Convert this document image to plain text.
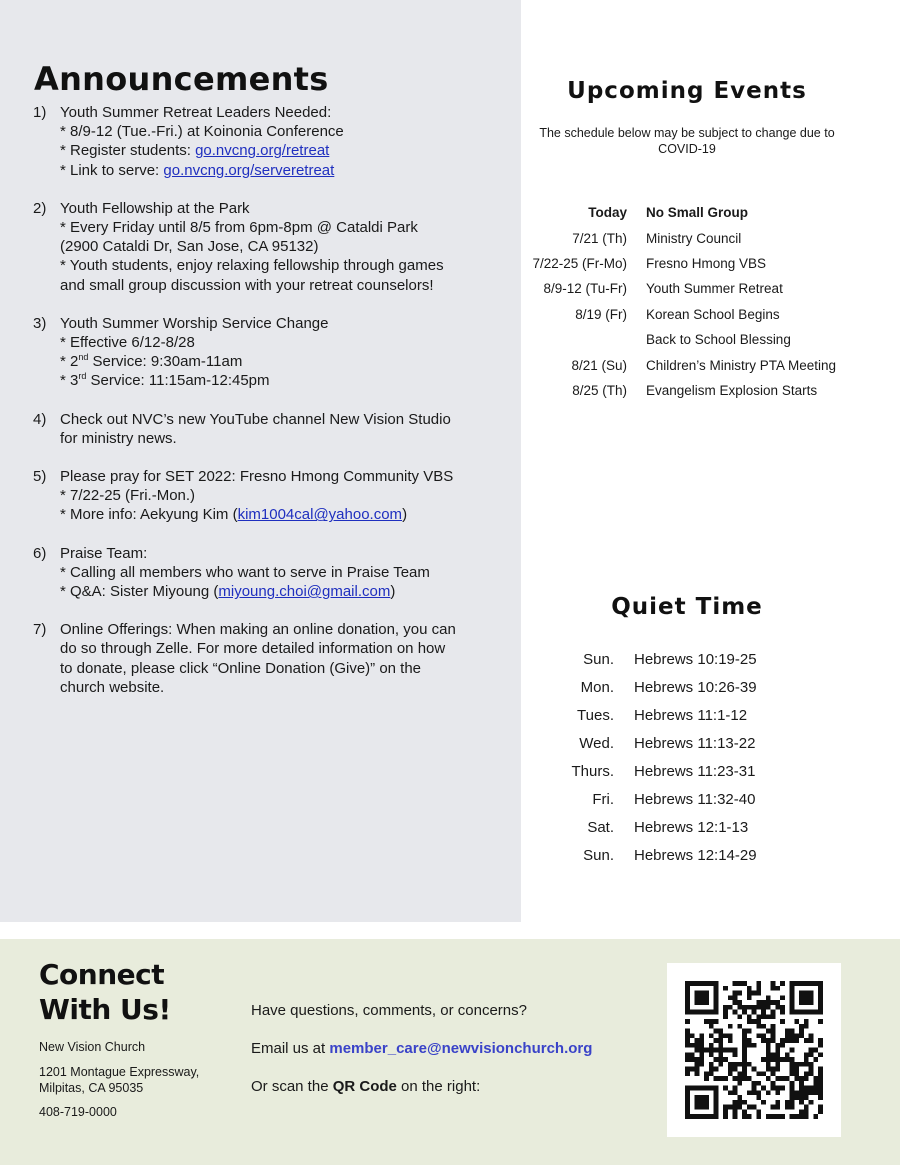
Announcements
1) Youth Summer Retreat Leaders Needed:
* 8/9-12 (Tue.-Fri.) at Koinonia Conference
* Register students: go.nvcng.org/retreat
* Link to serve: go.nvcng.org/serveretreat
2) Youth Fellowship at the Park
* Every Friday until 8/5 from 6pm-8pm @ Cataldi Park
(2900 Cataldi Dr, San Jose, CA 95132)
* Youth students, enjoy relaxing fellowship through games
and small group discussion with your retreat counselors!
3) Youth Summer Worship Service Change
* Effective 6/12-8/28
* 2nd Service: 9:30am-11am
* 3rd Service: 11:15am-12:45pm
4) Check out NVC’s new YouTube channel New Vision Studio
for ministry news.
5) Please pray for SET 2022: Fresno Hmong Community VBS
* 7/22-25 (Fri.-Mon.)
* More info: Aekyung Kim (kim1004cal@yahoo.com)
6) Praise Team:
* Calling all members who want to serve in Praise Team
* Q&A: Sister Miyoung (miyoung.choi@gmail.com)
7) Online Offerings: When making an online donation, you can
do so through Zelle. For more detailed information on how
to donate, please click “Online Donation (Give)” on the
church website.
Upcoming Events
The schedule below may be subject to change due to
COVID-19
Today	No Small Group
7/21 (Th)	Ministry Council
7/22-25 (Fr-Mo)	Fresno Hmong VBS
8/9-12 (Tu-Fr)	Youth Summer Retreat
8/19 (Fr)	Korean School Begins
Back to School Blessing
8/21 (Su)	Children’s Ministry PTA Meeting
8/25 (Th)	Evangelism Explosion Starts
Quiet Time
Sun.	Hebrews 10:19-25
Mon.	Hebrews 10:26-39
Tues.	Hebrews 11:1-12
Wed.	Hebrews 11:13-22
Thurs.	Hebrews 11:23-31
Fri.	Hebrews 11:32-40
Sat.	Hebrews 12:1-13
Sun.	Hebrews 12:14-29
Connect
With Us!
New Vision Church
1201 Montague Expressway,
Milpitas, CA 95035
408-719-0000
Have questions, comments, or concerns?
Email us at member_care@newvisionchurch.org
Or scan the QR Code on the right:
